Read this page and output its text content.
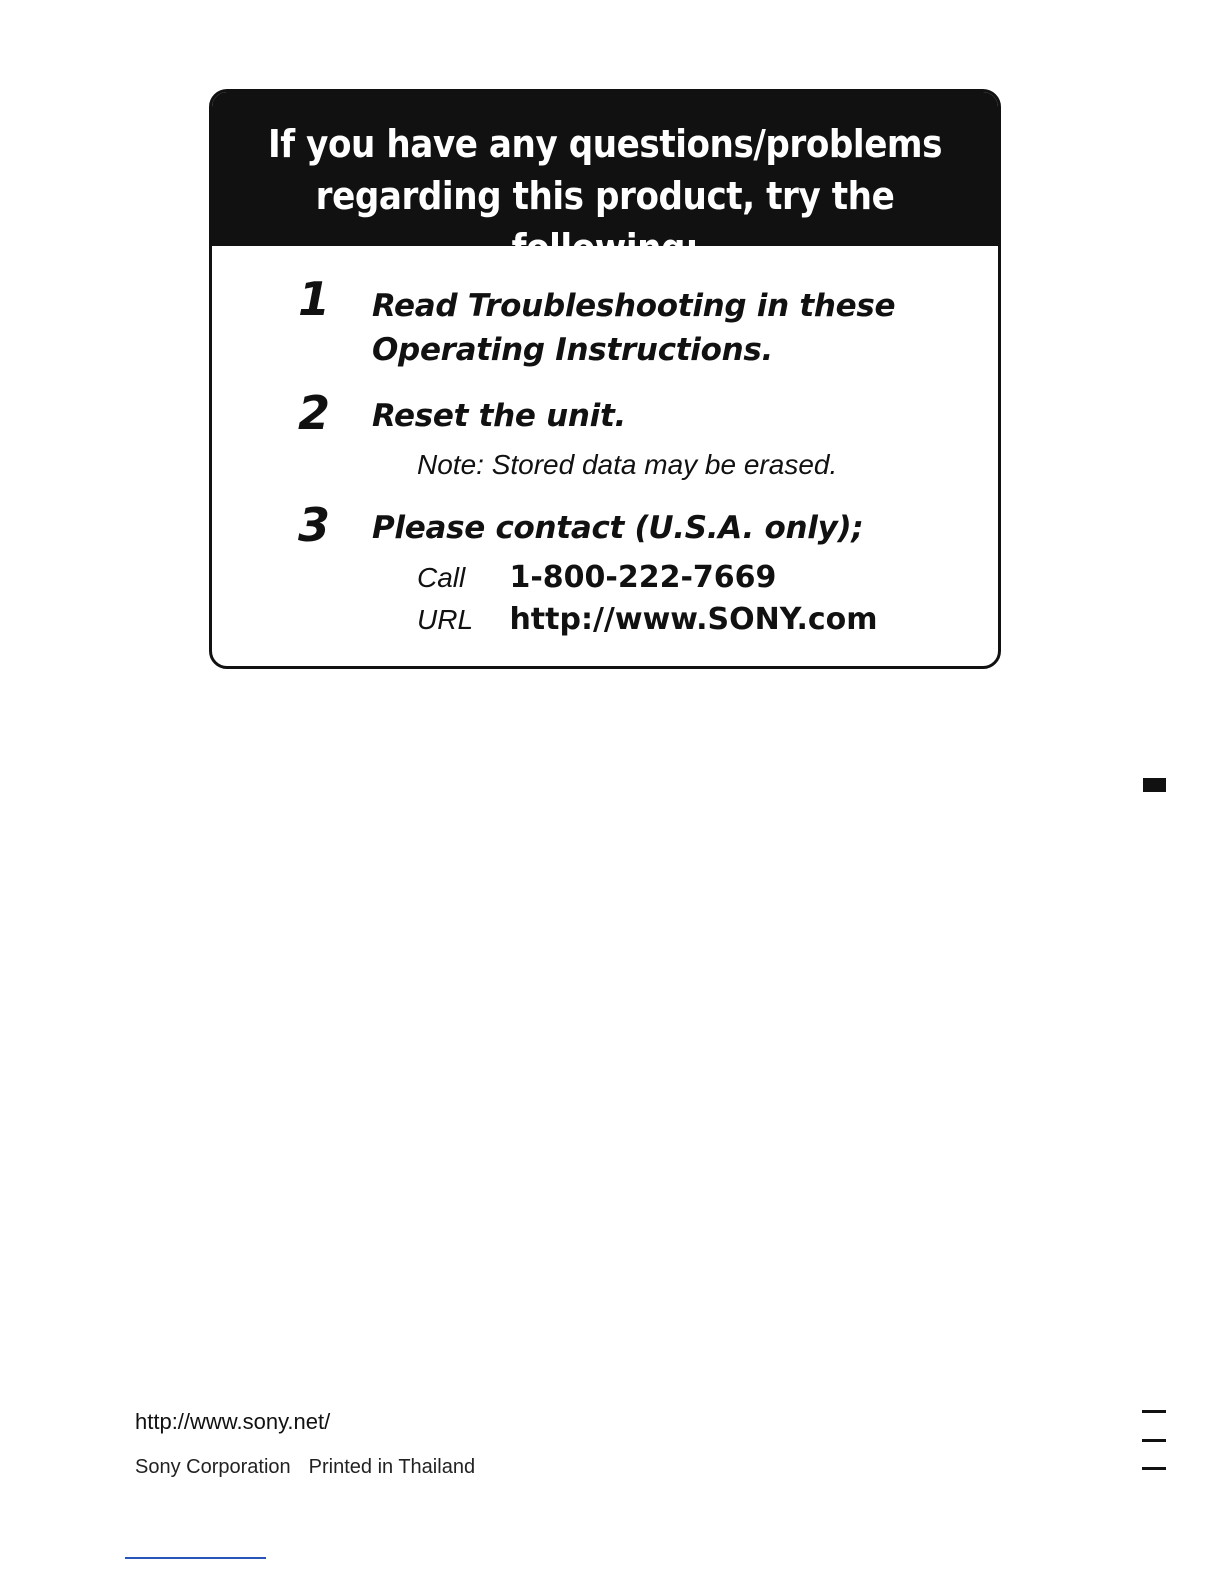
If you have any questions/problems
regarding this product, try the following:
1 Read Troubleshooting in these
Operating Instructions.
2 Reset the unit.
Note: Stored data may be erased.
3 Please contact (U.S.A. only);
Call 1-800-222-7669
URL http://www.SONY.com
http://www.sony.net/
Sony Corporation Printed in Thailand
